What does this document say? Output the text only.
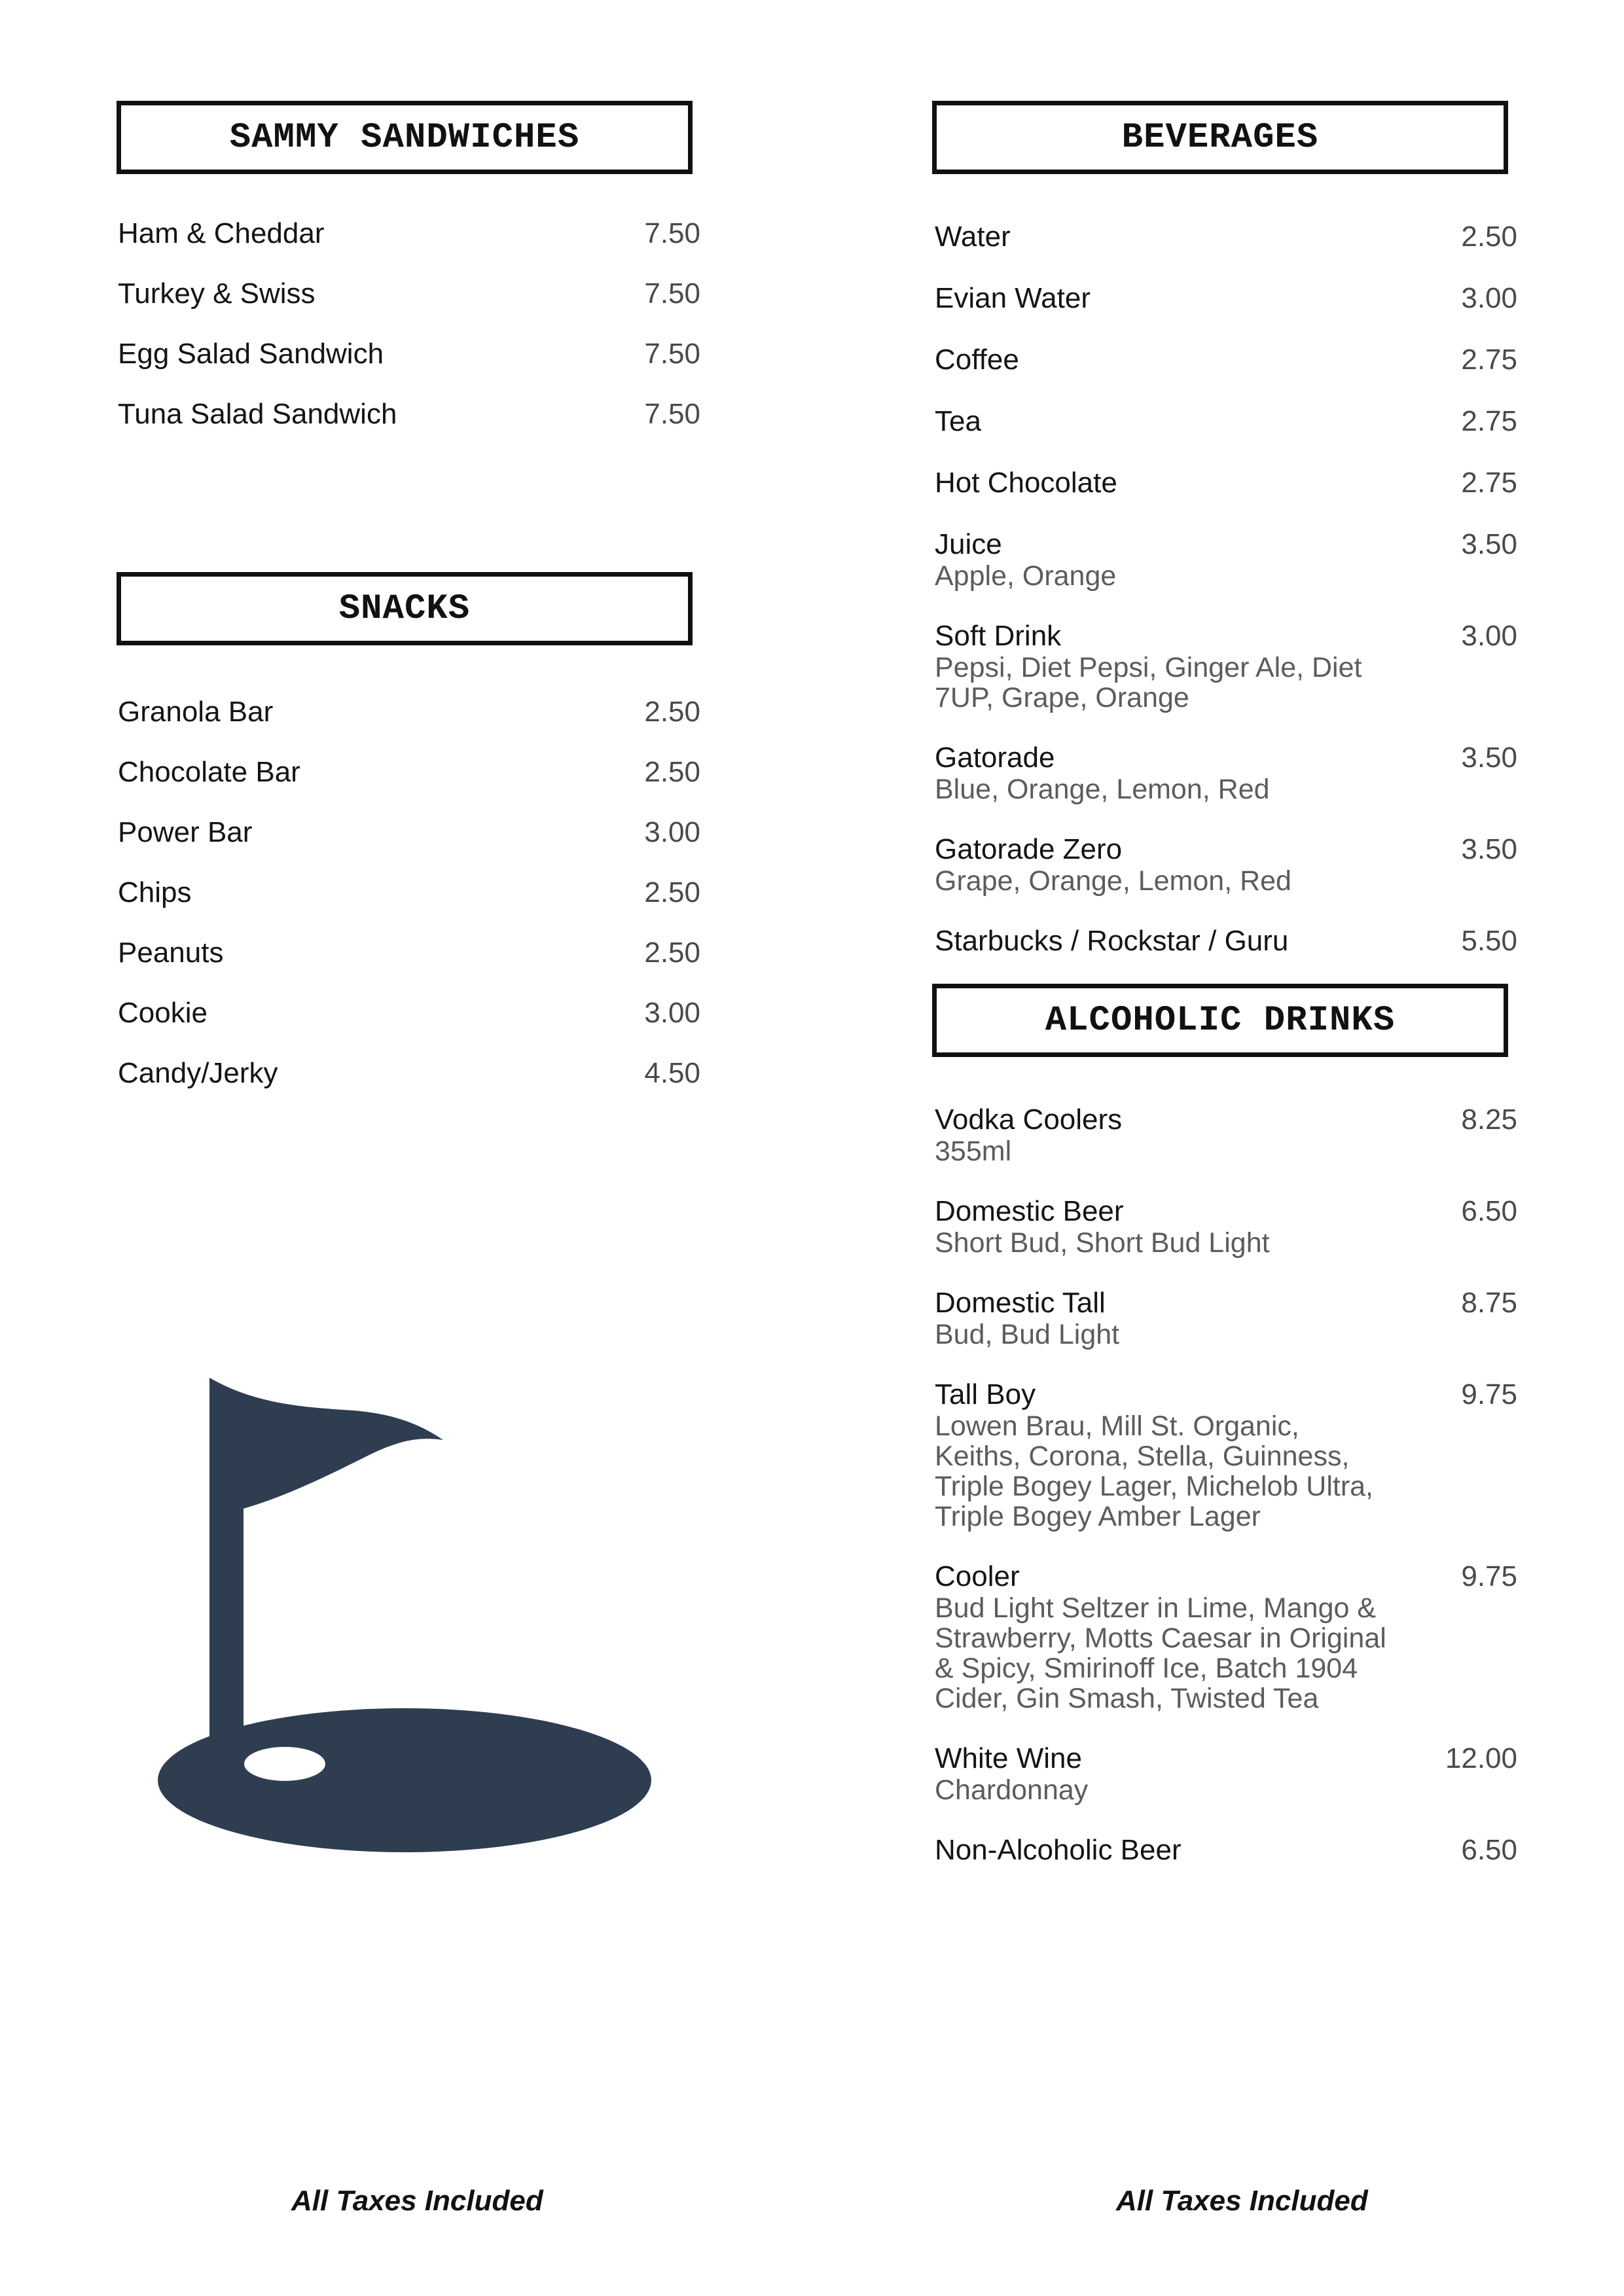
SAMMY SANDWICHES
Ham & Cheddar	7.50
Turkey & Swiss	7.50
Egg Salad Sandwich	7.50
Tuna Salad Sandwich	7.50
SNACKS
Granola Bar	2.50
Chocolate Bar	2.50
Power Bar	3.00
Chips	2.50
Peanuts	2.50
Cookie	3.00
Candy/Jerky	4.50
All Taxes Included
BEVERAGES
Water	2.50
Evian Water	3.00
Coffee	2.75
Tea	2.75
Hot Chocolate	2.75
Juice	3.50
Apple, Orange
Soft Drink	3.00
Pepsi, Diet Pepsi, Ginger Ale, Diet 7UP, Grape, Orange
Gatorade	3.50
Blue, Orange, Lemon, Red
Gatorade Zero	3.50
Grape, Orange, Lemon, Red
Starbucks / Rockstar / Guru	5.50
ALCOHOLIC DRINKS
Vodka Coolers	8.25
355ml
Domestic Beer	6.50
Short Bud, Short Bud Light
Domestic Tall	8.75
Bud, Bud Light
Tall Boy	9.75
Lowen Brau, Mill St. Organic, Keiths, Corona, Stella, Guinness, Triple Bogey Lager, Michelob Ultra, Triple Bogey Amber Lager
Cooler	9.75
Bud Light Seltzer in Lime, Mango & Strawberry, Motts Caesar in Original & Spicy, Smirinoff Ice, Batch 1904 Cider, Gin Smash, Twisted Tea
White Wine	12.00
Chardonnay
Non-Alcoholic Beer	6.50
All Taxes Included
